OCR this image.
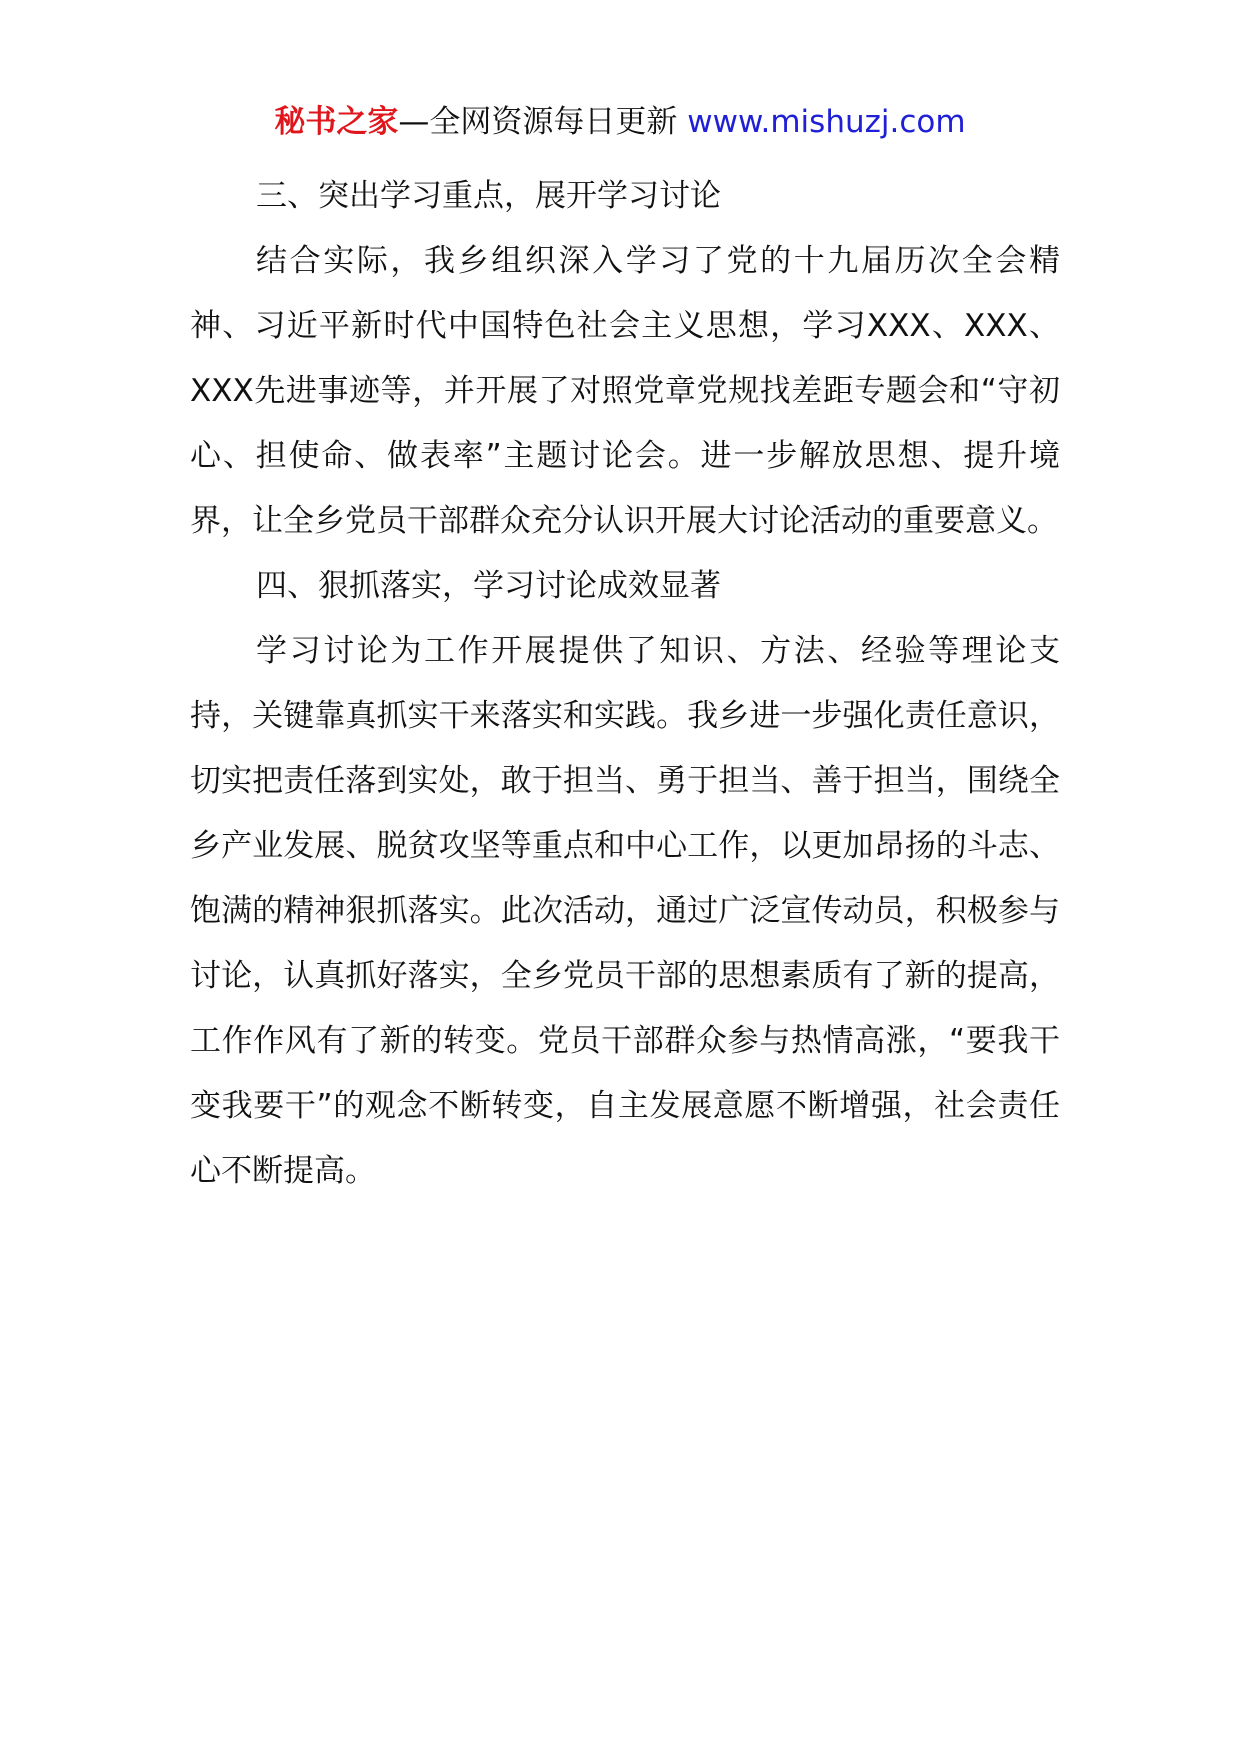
秘书之家—全网资源每日更新 www.mishuzj.com

三、突出学习重点，展开学习讨论

结合实际，我乡组织深入学习了党的十九届历次全会精神、习近平新时代中国特色社会主义思想，学习XXX、XXX、XXX先进事迹等，并开展了对照党章党规找差距专题会和“守初心、担使命、做表率”主题讨论会。进一步解放思想、提升境界，让全乡党员干部群众充分认识开展大讨论活动的重要意义。

四、狠抓落实，学习讨论成效显著

学习讨论为工作开展提供了知识、方法、经验等理论支持，关键靠真抓实干来落实和实践。我乡进一步强化责任意识，切实把责任落到实处，敢于担当、勇于担当、善于担当，围绕全乡产业发展、脱贫攻坚等重点和中心工作，以更加昂扬的斗志、饱满的精神狠抓落实。此次活动，通过广泛宣传动员，积极参与讨论，认真抓好落实，全乡党员干部的思想素质有了新的提高，工作作风有了新的转变。党员干部群众参与热情高涨，“要我干变我要干”的观念不断转变，自主发展意愿不断增强，社会责任心不断提高。
